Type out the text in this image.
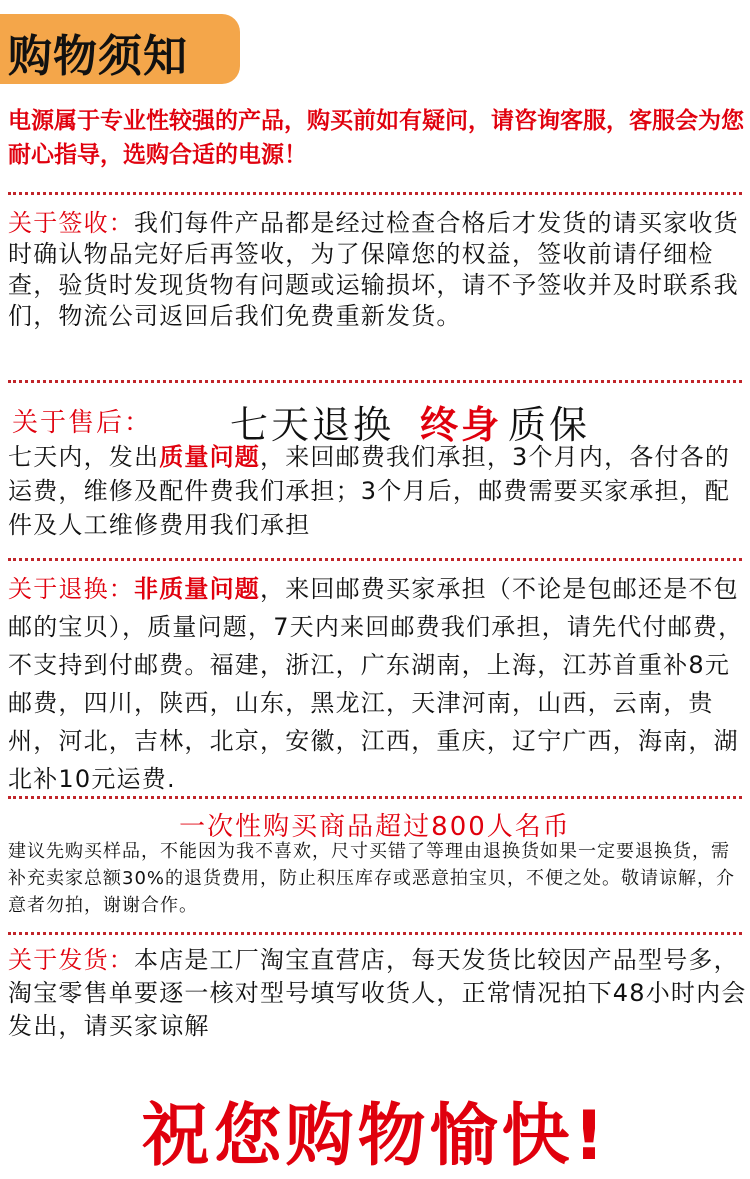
购物须知
电源属于专业性较强的产品，购买前如有疑问，请咨询客服，客服会为您耐心指导，选购合适的电源！
关于签收：我们每件产品都是经过检查合格后才发货的请买家收货时确认物品完好后再签收，为了保障您的权益，签收前请仔细检查，验货时发现货物有问题或运输损坏，请不予签收并及时联系我们，物流公司返回后我们免费重新发货。
关于售后： 七天退换 终身 质保
七天内，发出质量问题，来回邮费我们承担，3个月内，各付各的运费，维修及配件费我们承担；3个月后，邮费需要买家承担，配件及人工维修费用我们承担
关于退换：非质量问题，来回邮费买家承担（不论是包邮还是不包邮的宝贝），质量问题，7天内来回邮费我们承担，请先代付邮费，不支持到付邮费。福建，浙江，广东湖南，上海，江苏首重补8元邮费，四川，陕西，山东，黑龙江，天津河南，山西，云南，贵州，河北，吉林，北京，安徽，江西，重庆，辽宁广西，海南，湖北补10元运费.
一次性购买商品超过800人名币
建议先购买样品，不能因为我不喜欢，尺寸买错了等理由退换货如果一定要退换货，需补充卖家总额30%的退货费用，防止积压库存或恶意拍宝贝，不便之处。敬请谅解，介意者勿拍，谢谢合作。
关于发货：本店是工厂淘宝直营店，每天发货比较因产品型号多，淘宝零售单要逐一核对型号填写收货人，正常情况拍下48小时内会发出，请买家谅解
祝您购物愉快!
